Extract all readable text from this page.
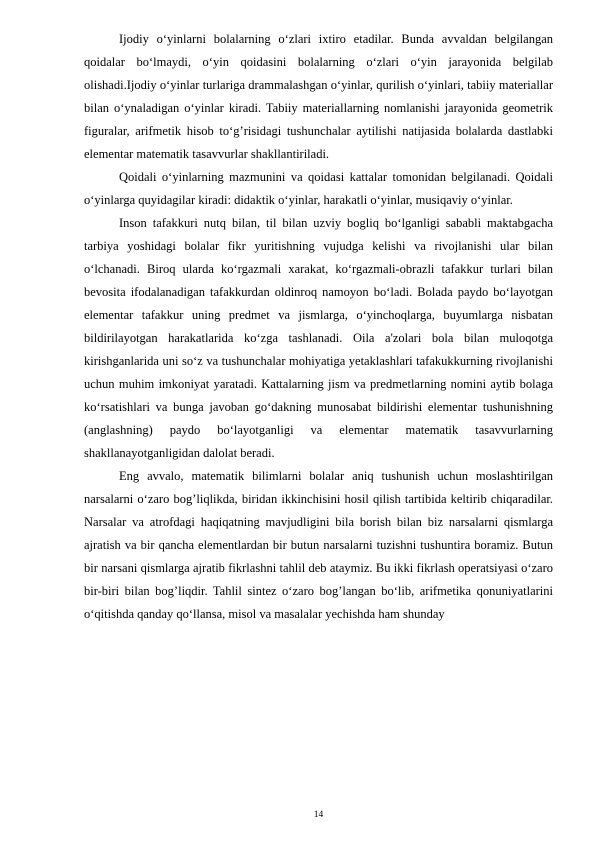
Ijodiy o‘yinlarni bolalarning o‘zlari ixtiro etadilar. Bunda avvaldan belgilangan qoidalar bo‘lmaydi, o‘yin qoidasini bolalarning o‘zlari o‘yin jarayonida belgilab olishadi.Ijodiy o‘yinlar turlariga drammalashgan o‘yinlar, qurilish o‘yinlari, tabiiy materiallar bilan o‘ynaladigan o‘yinlar kiradi. Tabiiy materiallarning nomlanishi jarayonida geometrik figuralar, arifmetik hisob to‘g’risidagi tushunchalar aytilishi natijasida bolalarda dastlabki elementar matematik tasavvurlar shakllantiriladi.

Qoidali o‘yinlarning mazmunini va qoidasi kattalar tomonidan belgilanadi. Qoidali o‘yinlarga quyidagilar kiradi: didaktik o‘yinlar, harakatli o‘yinlar, musiqaviy o‘yinlar.

Inson tafakkuri nutq bilan, til bilan uzviy bogliq bo‘lganligi sababli maktabgacha tarbiya yoshidagi bolalar fikr yuritishning vujudga kelishi va rivojlanishi ular bilan o‘lchanadi. Biroq ularda ko‘rgazmali xarakat, ko‘rgazmali-obrazli tafakkur turlari bilan bevosita ifodalanadigan tafakkurdan oldinroq namoyon bo‘ladi. Bolada paydo bo‘layotgan elementar tafakkur uning predmet va jismlarga, o‘yinchoqlarga, buyumlarga nisbatan bildirilayotgan harakatlarida ko‘zga tashlanadi. Oila a'zolari bola bilan muloqotga kirishganlarida uni so‘z va tushunchalar mohiyatiga yetaklashlari tafakukkurning rivojlanishi uchun muhim imkoniyat yaratadi. Kattalarning jism va predmetlarning nomini aytib bolaga ko‘rsatishlari va bunga javoban go‘dakning munosabat bildirishi elementar tushunishning (anglashning) paydo bo‘layotganligi va elementar matematik tasavvurlarning shakllanayotganligidan dalolat beradi.

Eng avvalo, matematik bilimlarni bolalar aniq tushunish uchun moslashtirilgan narsalarni o‘zaro bog’liqlikda, biridan ikkinchisini hosil qilish tartibida keltirib chiqaradilar. Narsalar va atrofdagi haqiqatning mavjudligini bila borish bilan biz narsalarni qismlarga ajratish va bir qancha elementlardan bir butun narsalarni tuzishni tushuntira boramiz. Butun bir narsani qismlarga ajratib fikrlashni tahlil deb ataymiz. Bu ikki fikrlash operatsiyasi o‘zaro bir-biri bilan bog’liqdir. Tahlil sintez o‘zaro bog’langan bo‘lib, arifmetika qonuniyatlarini o‘qitishda qanday qo‘llansa, misol va masalalar yechishda ham shunday

14
